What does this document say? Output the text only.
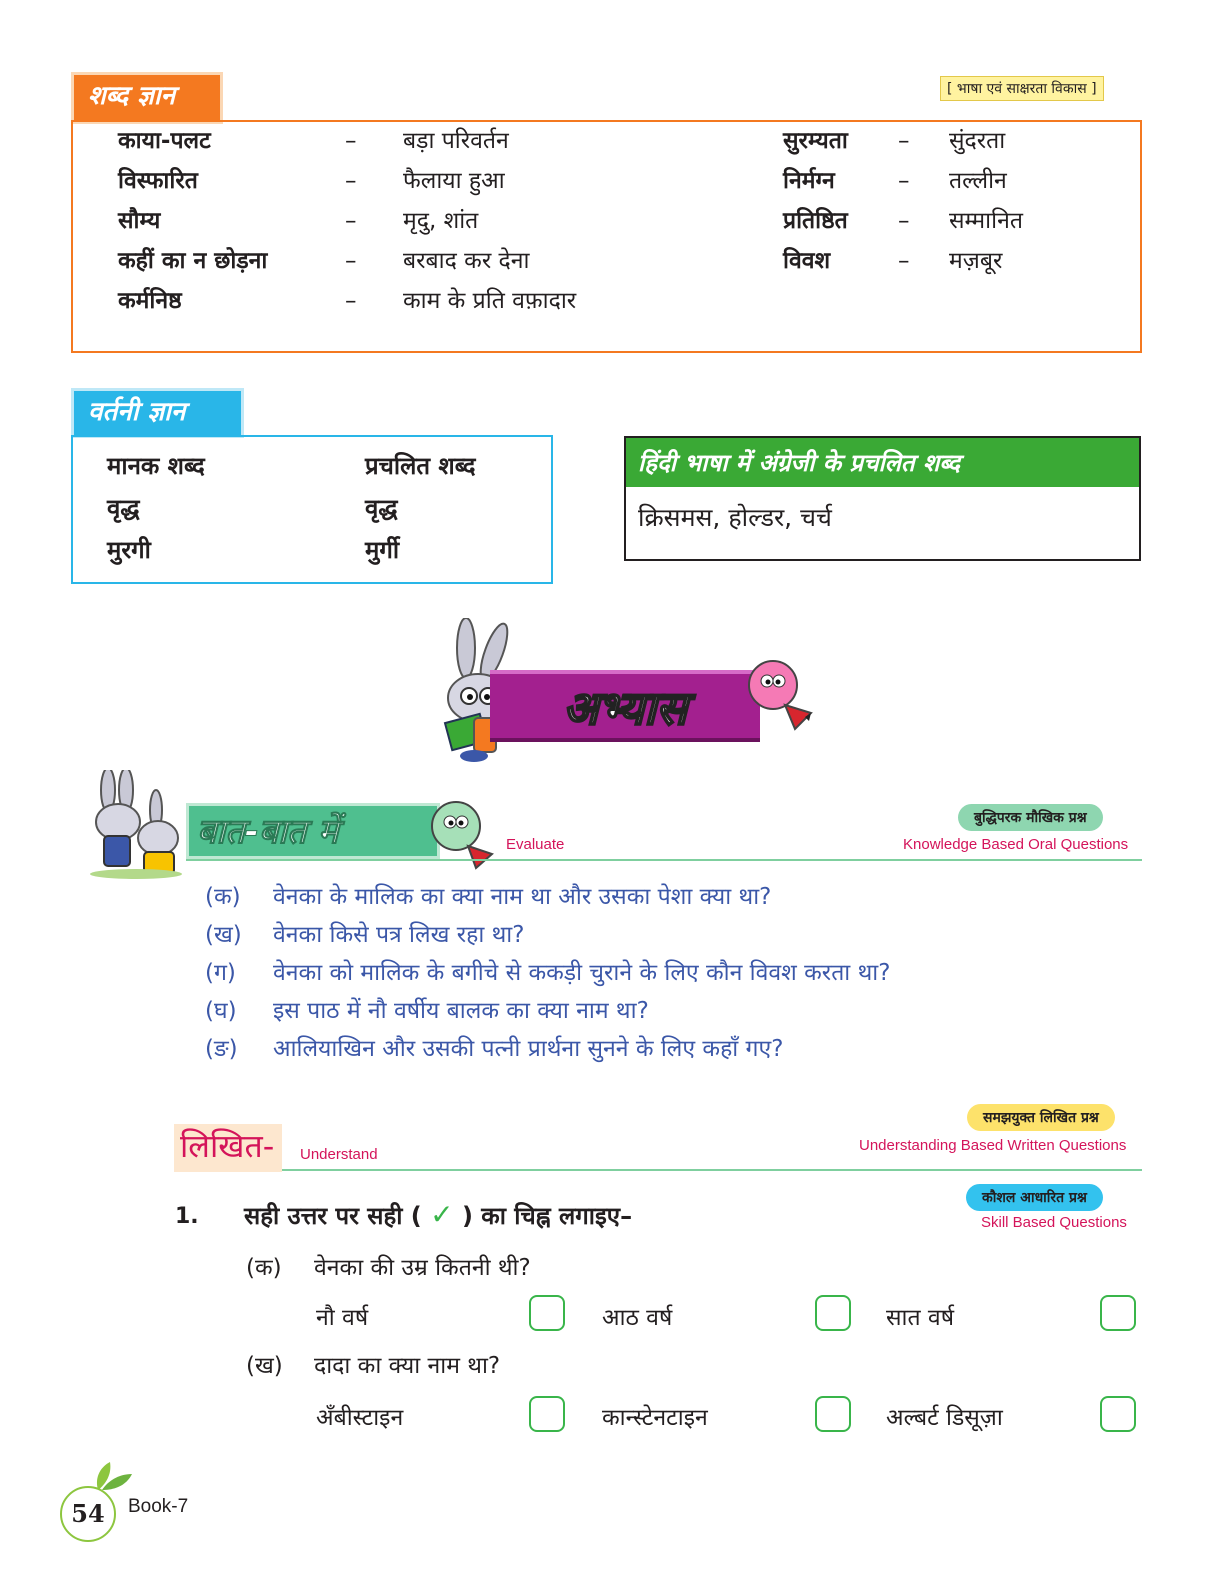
शब्द ज्ञान	[ भाषा एवं साक्षरता विकास ]
काया-पलट	– बड़ा परिवर्तन
विस्फारित	– फैलाया हुआ
सौम्य	– मृदु, शांत
कहीं का न छोड़ना	– बरबाद कर देना
कर्मनिष्ठ	– काम के प्रति वफ़ादार
सुरम्यता – सुंदरता
निर्मग्न	– तल्लीन
प्रतिष्ठित – सम्मानित
विवश	– मज़बूर
वर्तनी ज्ञान
मानक शब्द	प्रचलित शब्द
वृद्ध	वृद्ध
मुरगी	मुर्गी
हिंदी भाषा में अंग्रेजी के प्रचलित शब्द
क्रिसमस, होल्डर, चर्च
अभ्यास
बात-बात में	Evaluate
बुद्धिपरक मौखिक प्रश्न
Knowledge Based Oral Questions
(क) वेनका के मालिक का क्या नाम था और उसका पेशा क्या था?
(ख) वेनका किसे पत्र लिख रहा था?
(ग) वेनका को मालिक के बगीचे से ककड़ी चुराने के लिए कौन विवश करता था?
(घ) इस पाठ में नौ वर्षीय बालक का क्या नाम था?
(ङ) आलियाखिन और उसकी पत्नी प्रार्थना सुनने के लिए कहाँ गए?
समझयुक्त लिखित प्रश्न
Understanding Based Written Questions
लिखित- Understand
कौशल आधारित प्रश्न
Skill Based Questions
1. सही उत्तर पर सही ( ✓ ) का चिह्न लगाइए–
(क) वेनका की उम्र कितनी थी?
नौ वर्ष	आठ वर्ष	सात वर्ष
(ख) दादा का क्या नाम था?
अँबीस्टाइन	कान्स्टेनटाइन	अल्बर्ट डिसूज़ा
54	Book-7
